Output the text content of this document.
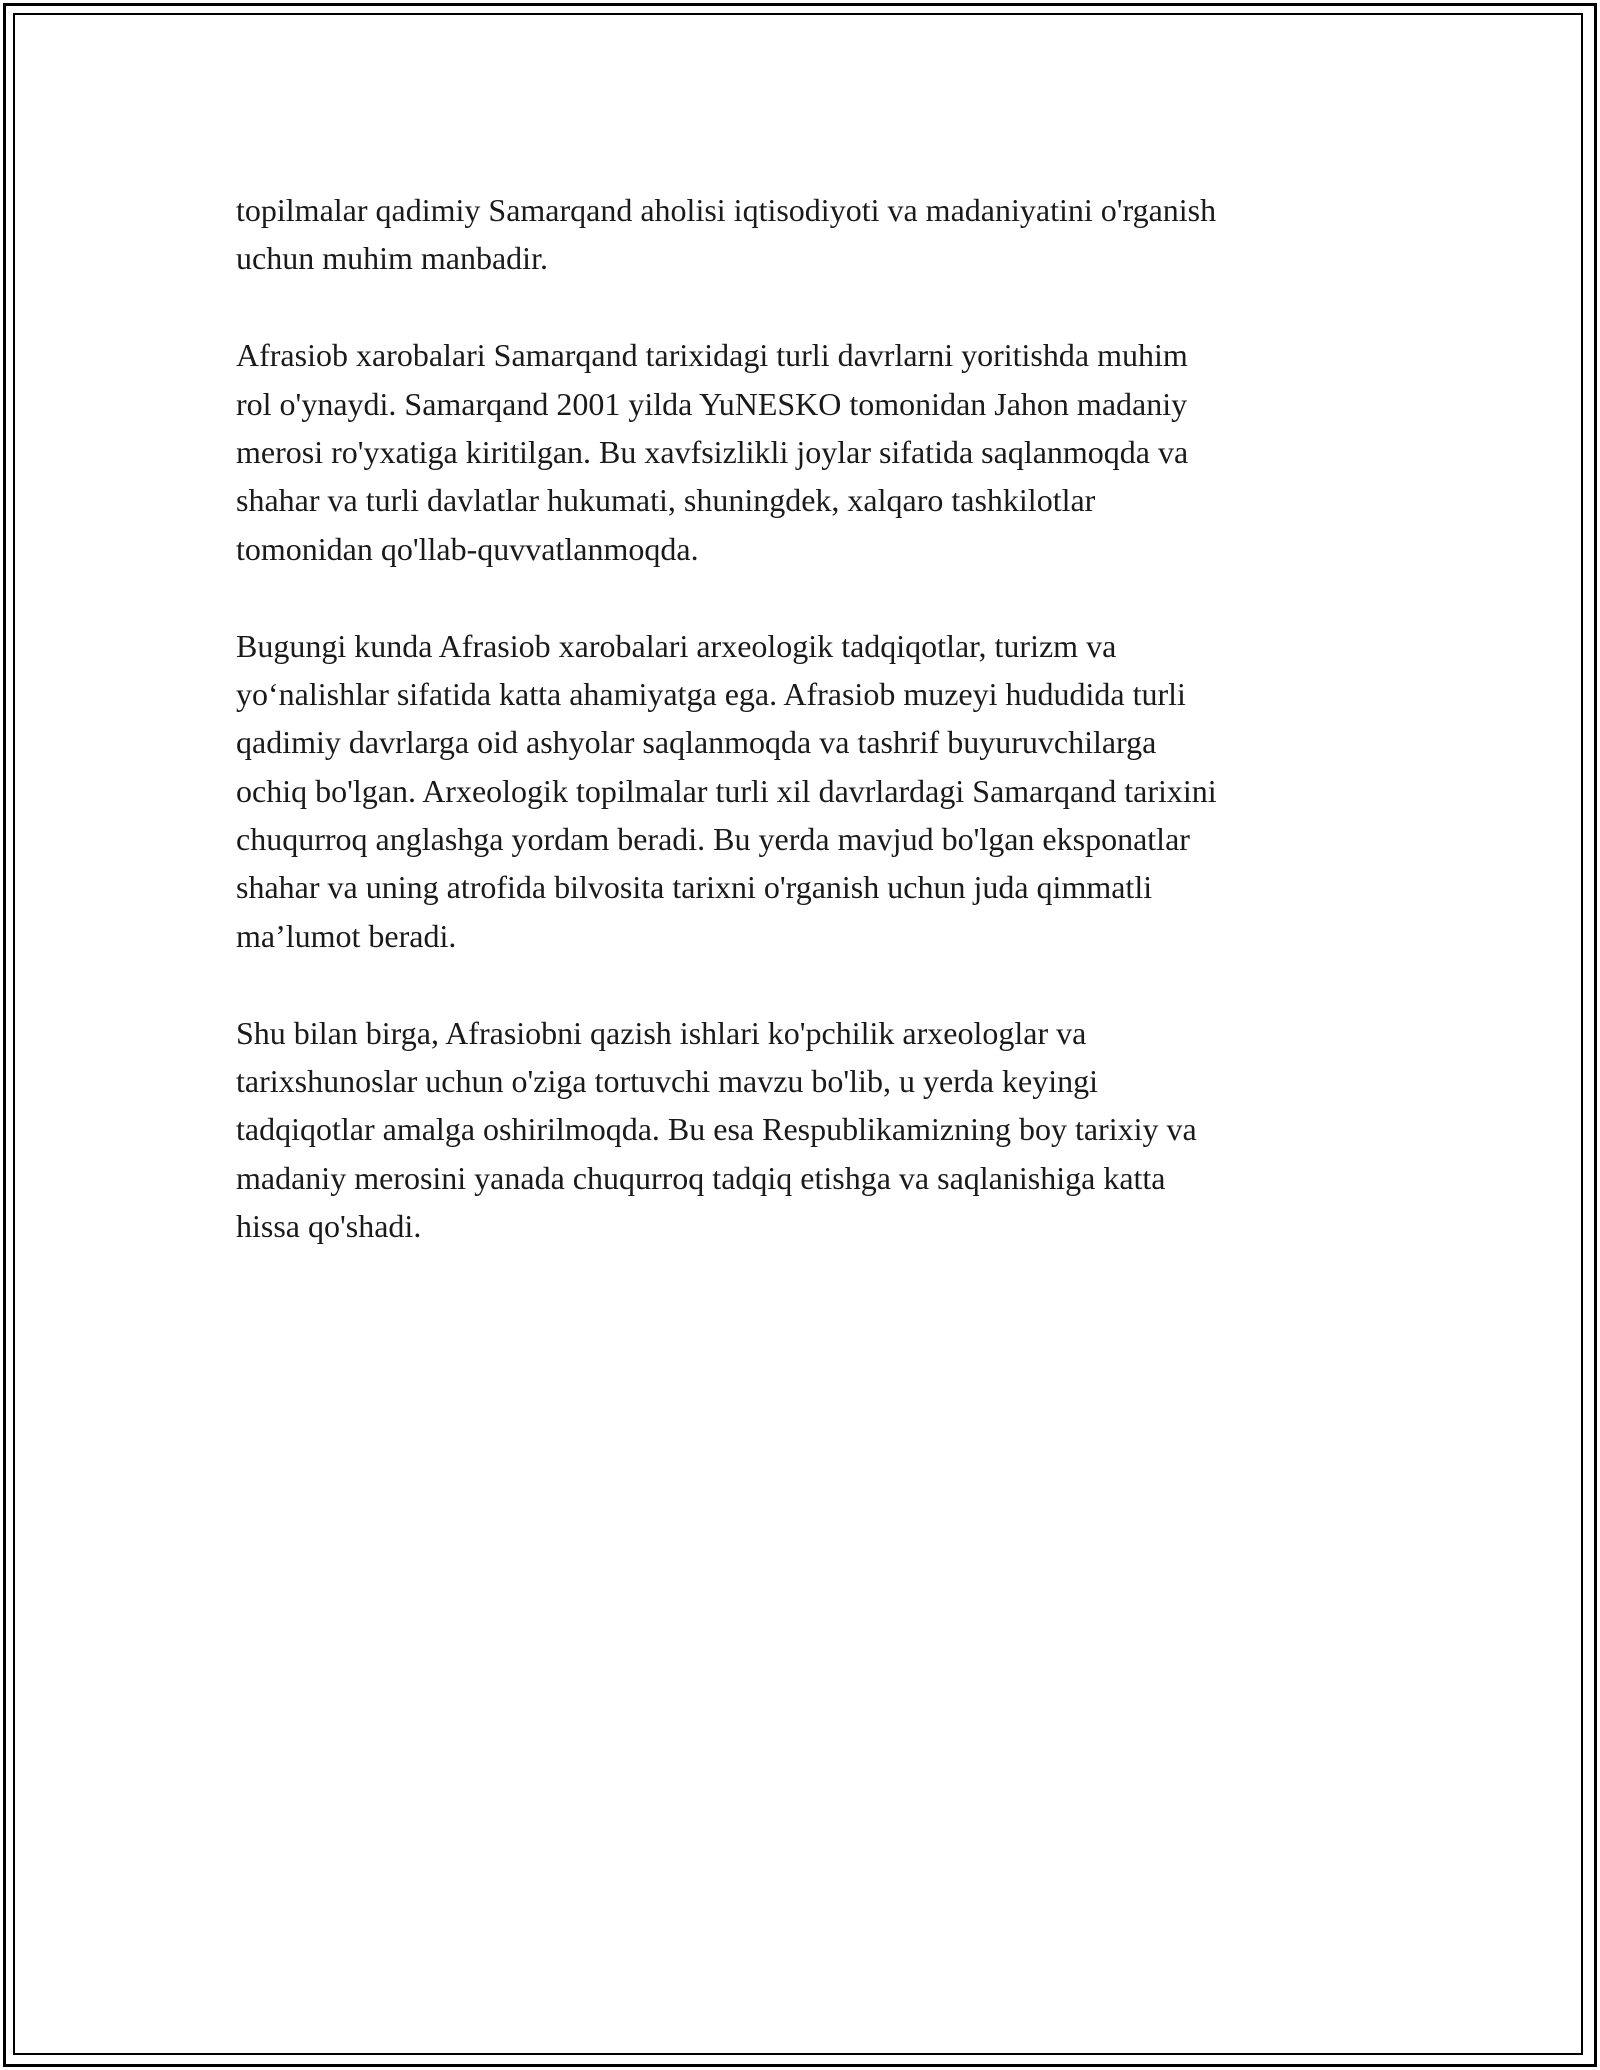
topilmalar qadimiy Samarqand aholisi iqtisodiyoti va madaniyatini o'rganish
uchun muhim manbadir.

Afrasiob xarobalari Samarqand tarixidagi turli davrlarni yoritishda muhim
rol o'ynaydi. Samarqand 2001 yilda YuNESKO tomonidan Jahon madaniy
merosi ro'yxatiga kiritilgan. Bu xavfsizlikli joylar sifatida saqlanmoqda va
shahar va turli davlatlar hukumati, shuningdek, xalqaro tashkilotlar
tomonidan qo'llab-quvvatlanmoqda.

Bugungi kunda Afrasiob xarobalari arxeologik tadqiqotlar, turizm va
yo‘nalishlar sifatida katta ahamiyatga ega. Afrasiob muzeyi hududida turli
qadimiy davrlarga oid ashyolar saqlanmoqda va tashrif buyuruvchilarga
ochiq bo'lgan. Arxeologik topilmalar turli xil davrlardagi Samarqand tarixini
chuqurroq anglashga yordam beradi. Bu yerda mavjud bo'lgan eksponatlar
shahar va uning atrofida bilvosita tarixni o'rganish uchun juda qimmatli
ma’lumot beradi.

Shu bilan birga, Afrasiobni qazish ishlari ko'pchilik arxeologlar va
tarixshunoslar uchun o'ziga tortuvchi mavzu bo'lib, u yerda keyingi
tadqiqotlar amalga oshirilmoqda. Bu esa Respublikamizning boy tarixiy va
madaniy merosini yanada chuqurroq tadqiq etishga va saqlanishiga katta
hissa qo'shadi.
